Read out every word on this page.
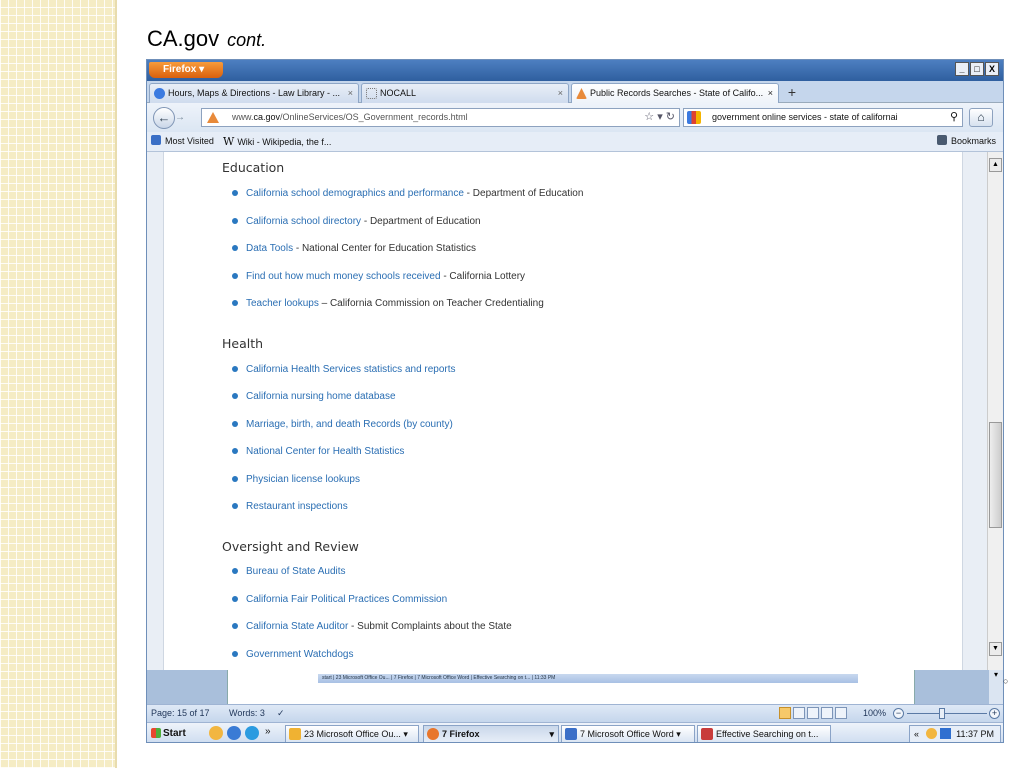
CA.gov cont.
Firefox ▾	_	□	X
Hours, Maps & Directions - Law Library - ... ×	NOCALL	×	Public Records Searches - State of Califo... ×	+
← →	www.ca.gov/OnlineServices/OS_Government_records.html	☆ ▾ ↻	government online services - state of californai	⚲	⌂
Most Visited W Wiki - Wikipedia, the f...	Bookmarks
Education
California school demographics and performance - Department of Education
California school directory - Department of Education
Data Tools - National Center for Education Statistics
Find out how much money schools received - California Lottery
Teacher lookups – California Commission on Teacher Credentialing
Health
California Health Services statistics and reports
California nursing home database
Marriage, birth, and death Records (by county)
National Center for Health Statistics
Physician license lookups
Restaurant inspections
Oversight and Review
Bureau of State Audits
California Fair Political Practices Commission
California State Auditor - Submit Complaints about the State
Government Watchdogs
▲
▼
start | 23 Microsoft Office Ou... | 7 Firefox | 7 Microsoft Office Word | Effective Searching on t... | 11:33 PM	▾
Page: 15 of 17 Words: 3 ✓	100%	−	+
Start	»	23 Microsoft Office Ou... ▾	7 Firefox	▾	7 Microsoft Office Word ▾	Effective Searching on t...	«	11:37 PM
○
